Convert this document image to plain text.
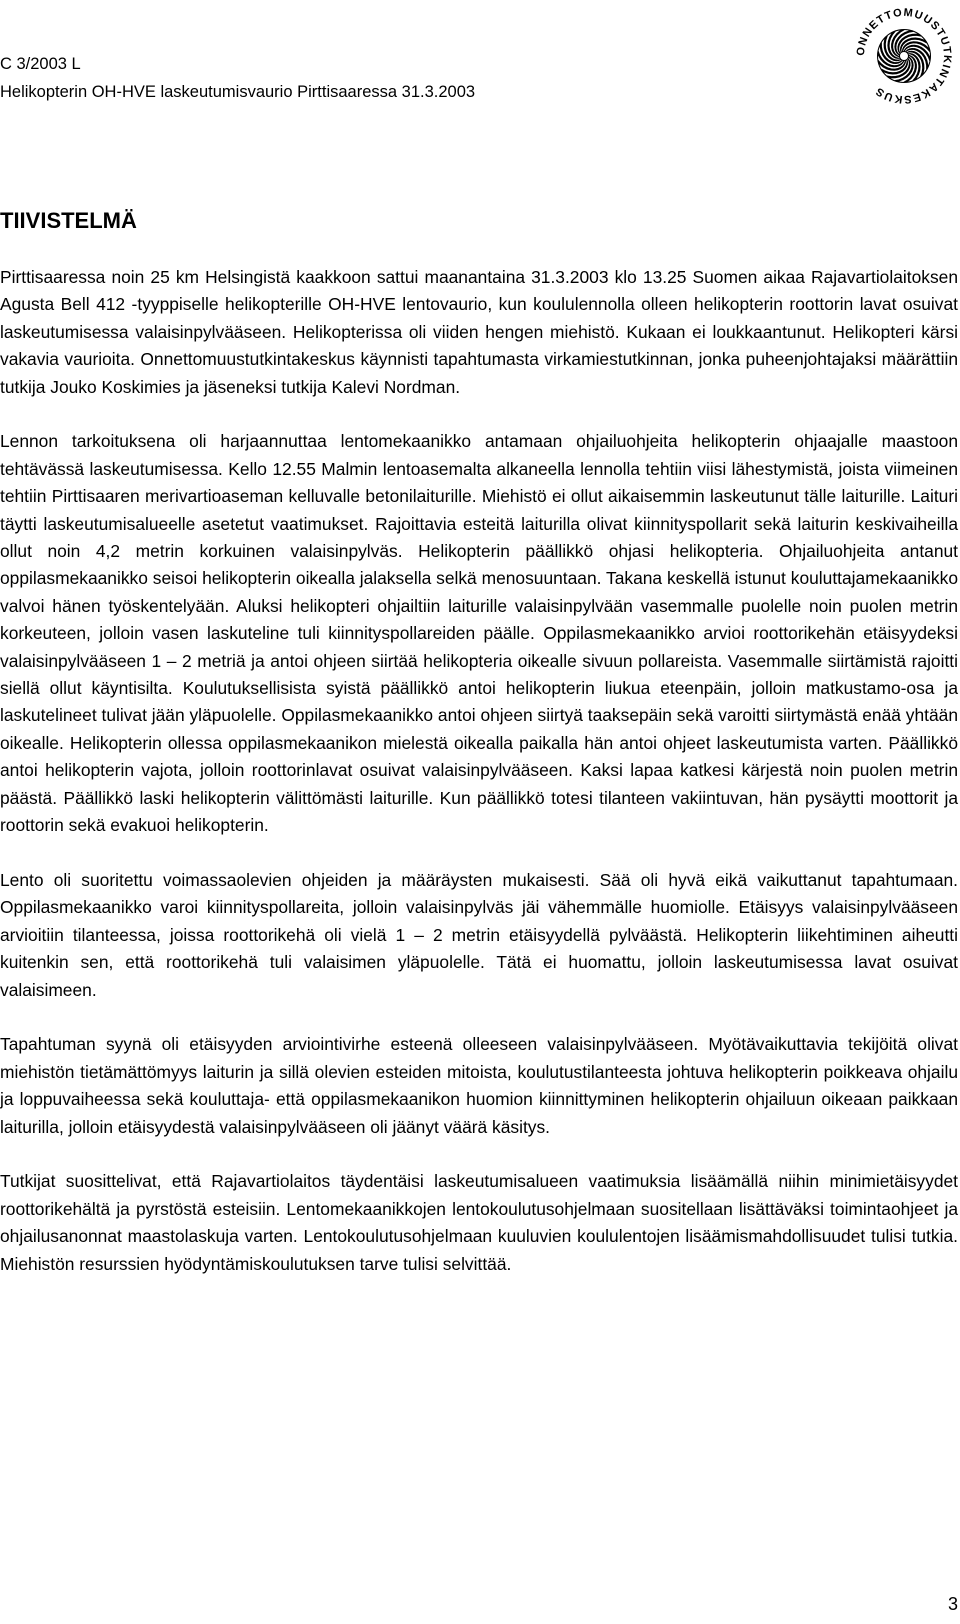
C 3/2003 L
Helikopterin OH-HVE laskeutumisvaurio Pirttisaaressa 31.3.2003
ONNETTOMUUSTUTKINTAKESKUS
TIIVISTELMÄ

Pirttisaaressa noin 25 km Helsingistä kaakkoon sattui maanantaina 31.3.2003 klo 13.25 Suomen aikaa Rajavartiolaitoksen Agusta Bell 412 -tyyppiselle helikopterille OH-HVE lentovaurio, kun koululennolla olleen helikopterin roottorin lavat osuivat laskeutumisessa valaisinpylvääseen. Helikopterissa oli viiden hengen miehistö. Kukaan ei loukkaantunut. Helikopteri kärsi vakavia vaurioita. Onnettomuustutkintakeskus käynnisti tapahtumasta virkamiestutkinnan, jonka puheenjohtajaksi määrättiin tutkija Jouko Koskimies ja jäseneksi tutkija Kalevi Nordman.

Lennon tarkoituksena oli harjaannuttaa lentomekaanikko antamaan ohjailuohjeita helikopterin ohjaajalle maastoon tehtävässä laskeutumisessa. Kello 12.55 Malmin lentoasemalta alkaneella lennolla tehtiin viisi lähestymistä, joista viimeinen tehtiin Pirttisaaren merivartioaseman kelluvalle betonilaiturille. Miehistö ei ollut aikaisemmin laskeutunut tälle laiturille. Laituri täytti laskeutumisalueelle asetetut vaatimukset. Rajoittavia esteitä laiturilla olivat kiinnityspollarit sekä laiturin keskivaiheilla ollut noin 4,2 metrin korkuinen valaisinpylväs. Helikopterin päällikkö ohjasi helikopteria. Ohjailuohjeita antanut oppilasmekaanikko seisoi helikopterin oikealla jalaksella selkä menosuuntaan. Takana keskellä istunut kouluttajamekaanikko valvoi hänen työskentelyään. Aluksi helikopteri ohjailtiin laiturille valaisinpylvään vasemmalle puolelle noin puolen metrin korkeuteen, jolloin vasen laskuteline tuli kiinnityspollareiden päälle. Oppilasmekaanikko arvioi roottorikehän etäisyydeksi valaisinpylvääseen 1 – 2 metriä ja antoi ohjeen siirtää helikopteria oikealle sivuun pollareista. Vasemmalle siirtämistä rajoitti siellä ollut käyntisilta. Koulutuksellisista syistä päällikkö antoi helikopterin liukua eteenpäin, jolloin matkustamo-osa ja laskutelineet tulivat jään yläpuolelle. Oppilasmekaanikko antoi ohjeen siirtyä taaksepäin sekä varoitti siirtymästä enää yhtään oikealle. Helikopterin ollessa oppilasmekaanikon mielestä oikealla paikalla hän antoi ohjeet laskeutumista varten. Päällikkö antoi helikopterin vajota, jolloin roottorinlavat osuivat valaisinpylvääseen. Kaksi lapaa katkesi kärjestä noin puolen metrin päästä. Päällikkö laski helikopterin välittömästi laiturille. Kun päällikkö totesi tilanteen vakiintuvan, hän pysäytti moottorit ja roottorin sekä evakuoi helikopterin.

Lento oli suoritettu voimassaolevien ohjeiden ja määräysten mukaisesti. Sää oli hyvä eikä vaikuttanut tapahtumaan. Oppilasmekaanikko varoi kiinnityspollareita, jolloin valaisinpylväs jäi vähemmälle huomiolle. Etäisyys valaisinpylvääseen arvioitiin tilanteessa, joissa roottorikehä oli vielä 1 – 2 metrin etäisyydellä pylväästä. Helikopterin liikehtiminen aiheutti kuitenkin sen, että roottorikehä tuli valaisimen yläpuolelle. Tätä ei huomattu, jolloin laskeutumisessa lavat osuivat valaisimeen.

Tapahtuman syynä oli etäisyyden arviointivirhe esteenä olleeseen valaisinpylvääseen. Myötävaikuttavia tekijöitä olivat miehistön tietämättömyys laiturin ja sillä olevien esteiden mitoista, koulutustilanteesta johtuva helikopterin poikkeava ohjailu ja loppuvaiheessa sekä kouluttaja- että oppilasmekaanikon huomion kiinnittyminen helikopterin ohjailuun oikeaan paikkaan laiturilla, jolloin etäisyydestä valaisinpylvääseen oli jäänyt väärä käsitys.

Tutkijat suosittelivat, että Rajavartiolaitos täydentäisi laskeutumisalueen vaatimuksia lisäämällä niihin minimietäisyydet roottorikehältä ja pyrstöstä esteisiin. Lentomekaanikkojen lentokoulutusohjelmaan suositellaan lisättäväksi toimintaohjeet ja ohjailusanonnat maastolaskuja varten. Lentokoulutusohjelmaan kuuluvien koululentojen lisäämismahdollisuudet tulisi tutkia. Miehistön resurssien hyödyntämiskoulutuksen tarve tulisi selvittää.

3
